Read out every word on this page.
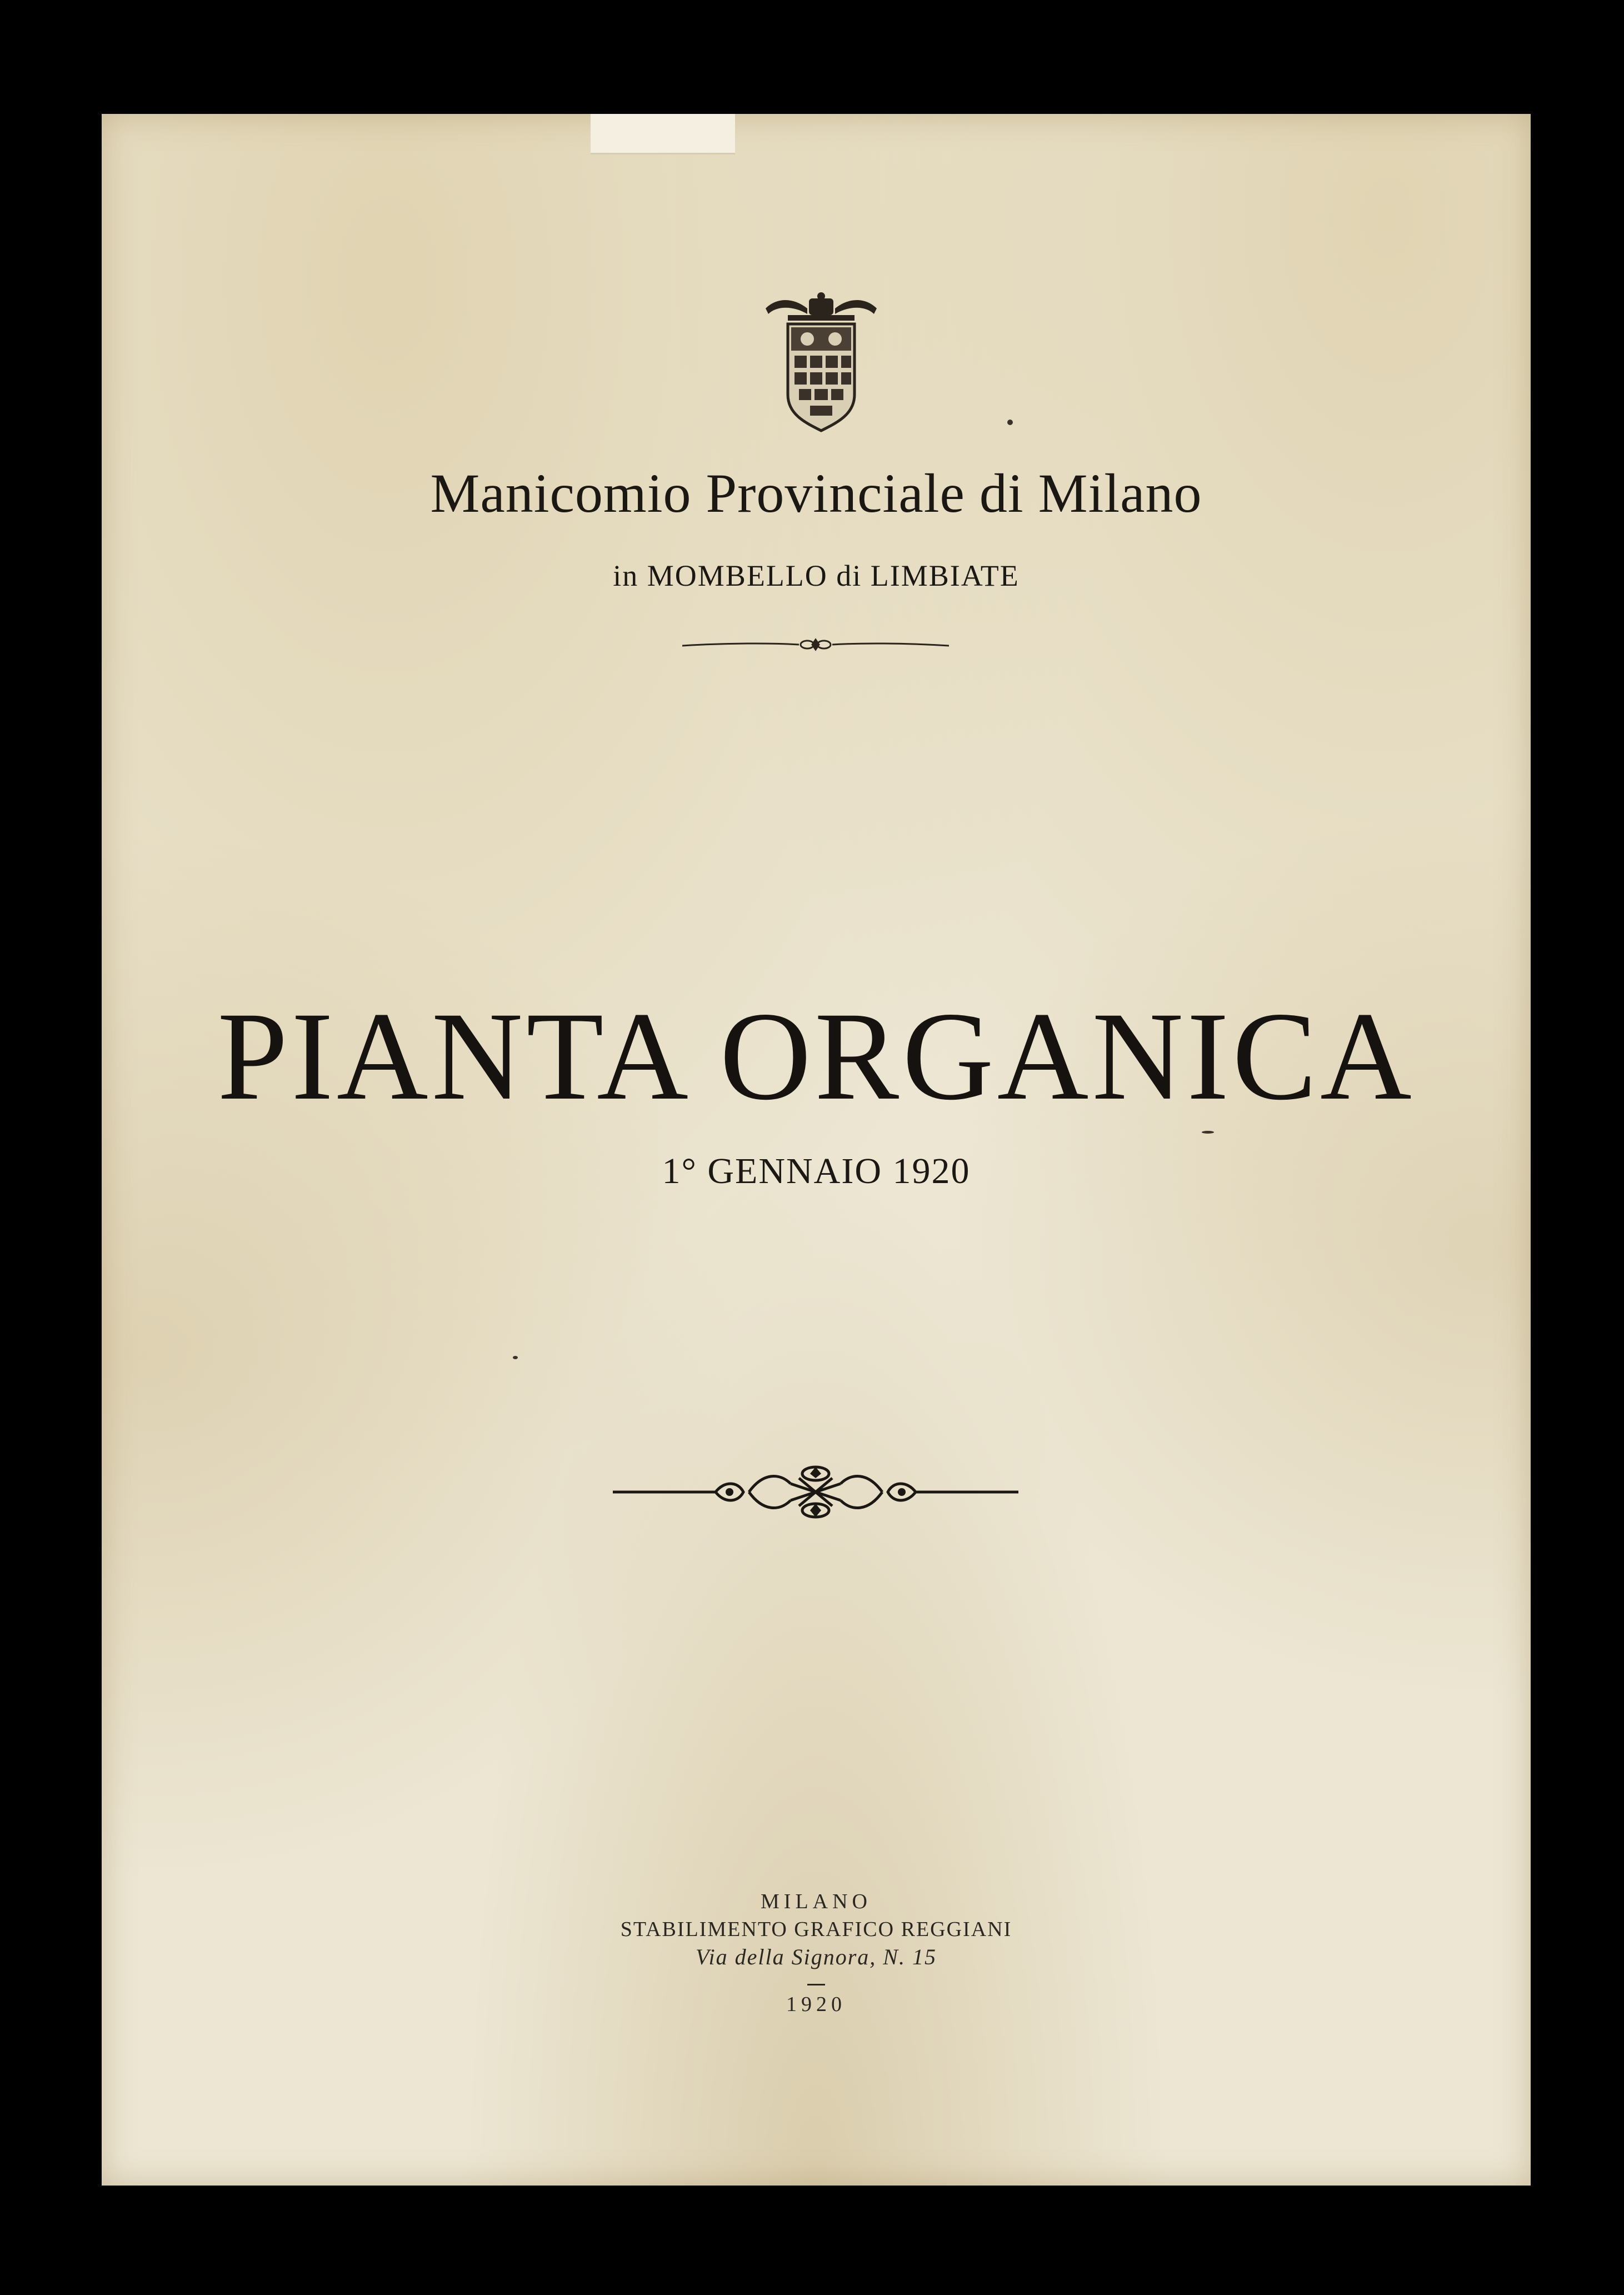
Manicomio Provinciale di Milano
in MOMBELLO di LIMBIATE
PIANTA ORGANICA
1° GENNAIO 1920
MILANO
STABILIMENTO GRAFICO REGGIANI
Via della Signora, N. 15
1920
